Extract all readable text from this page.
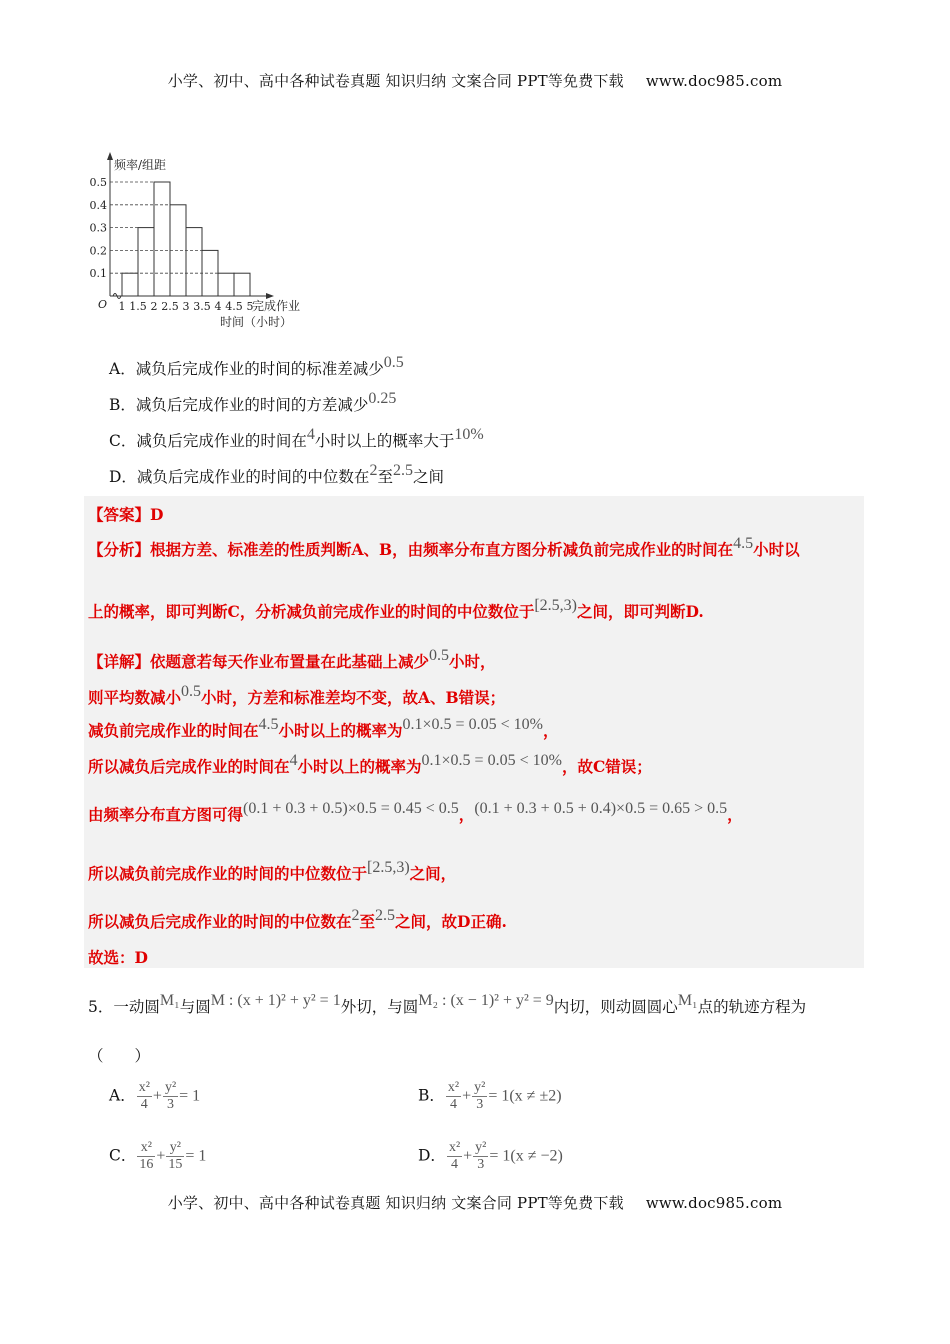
小学、初中、高中各种试卷真题 知识归纳 文案合同 PPT等免费下载 www.doc985.com
0.1
0.2
0.3
0.4
0.5
1 1.5 2 2.5 3 3.5 4 4.5 5
O
频率/组距
完成作业
时间（小时）
A．减负后完成作业的时间的标准差减少0.5
B．减负后完成作业的时间的方差减少0.25
C．减负后完成作业的时间在4小时以上的概率大于10%
D．减负后完成作业的时间的中位数在2至2.5之间
【答案】D
【分析】根据方差、标准差的性质判断A、B，由频率分布直方图分析减负前完成作业的时间在4.5小时以
上的概率，即可判断C，分析减负前完成作业的时间的中位数位于[2.5,3)之间，即可判断D.
【详解】依题意若每天作业布置量在此基础上减少0.5小时，
则平均数减小0.5小时，方差和标准差均不变，故A、B错误；
减负前完成作业的时间在4.5小时以上的概率为0.1×0.5 = 0.05 < 10%，
所以减负后完成作业的时间在4小时以上的概率为0.1×0.5 = 0.05 < 10%，故C错误；
由频率分布直方图可得(0.1 + 0.3 + 0.5)×0.5 = 0.45 < 0.5，(0.1 + 0.3 + 0.5 + 0.4)×0.5 = 0.65 > 0.5，
所以减负前完成作业的时间的中位数位于[2.5,3)之间，
所以减负后完成作业的时间的中位数在2至2.5之间，故D正确.
故选：D
5．一动圆M₁与圆M : (x + 1)² + y² = 1外切，与圆M₂ : (x − 1)² + y² = 9内切，则动圆圆心M₁点的轨迹方程为
（　　）
A． $\frac{\text{x²}}{4} + \frac{\text{y²}}{3} = 1$	B． $\frac{\text{x²}}{4} + \frac{\text{y²}}{3} = 1(x \ne \pm 2)$
C． $\frac{\text{x²}}{16} + \frac{\text{y²}}{15} = 1$	D． $\frac{\text{x²}}{4} + \frac{\text{y²}}{3} = 1(x \ne -2)$
小学、初中、高中各种试卷真题 知识归纳 文案合同 PPT等免费下载 www.doc985.com
